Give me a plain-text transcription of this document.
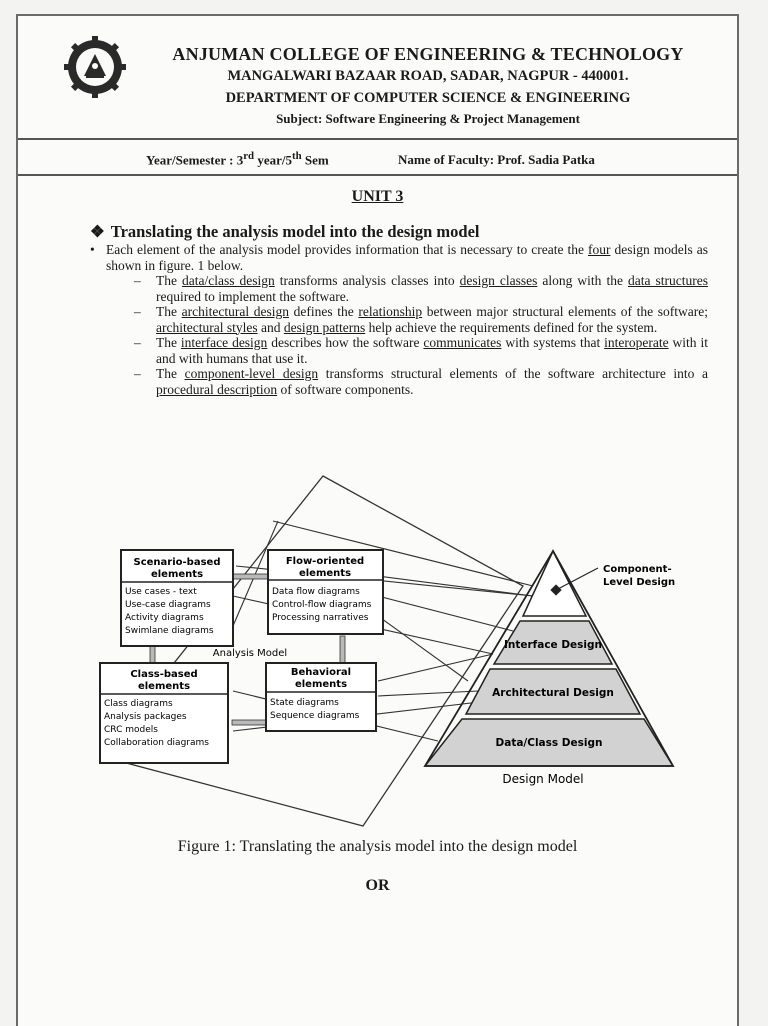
ANJUMAN COLLEGE OF ENGINEERING & TECHNOLOGY
MANGALWARI BAZAAR ROAD, SADAR, NAGPUR - 440001.
DEPARTMENT OF COMPUTER SCIENCE & ENGINEERING
Subject: Software Engineering & Project Management
Year/Semester : 3rd year/5th Sem	Name of Faculty: Prof. Sadia Patka
UNIT 3
❖ Translating the analysis model into the design model
• Each element of the analysis model provides information that is necessary to create the four design models as shown in figure. 1 below.
– The data/class design transforms analysis classes into design classes along with the data structures required to implement the software.
– The architectural design defines the relationship between major structural elements of the software; architectural styles and design patterns help achieve the requirements defined for the system.
– The interface design describes how the software communicates with systems that interoperate with it and with humans that use it.
– The component-level design transforms structural elements of the software architecture into a procedural description of software components.
Scenario-based
elements
Use cases - text
Use-case diagrams
Activity diagrams
Swimlane diagrams
Flow-oriented
elements
Data flow diagrams
Control-flow diagrams
Processing narratives
Analysis Model
Class-based
elements
Class diagrams
Analysis packages
CRC models
Collaboration diagrams
Behavioral
elements
State diagrams
Sequence diagrams
Interface Design
Architectural Design
Data/Class Design
Component-
Level Design
Design Model
Figure 1: Translating the analysis model into the design model
OR
